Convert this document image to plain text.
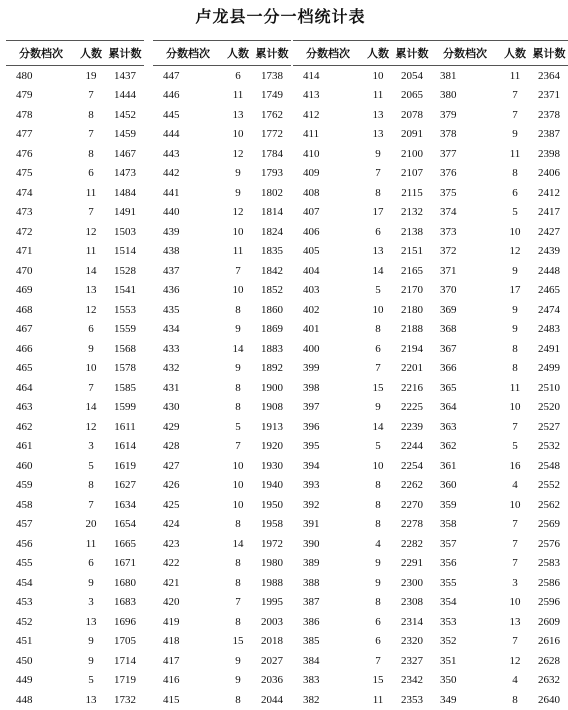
卢龙县一分一档统计表
分数档次	人数	累计数
480	19	1437
479	7	1444
478	8	1452
477	7	1459
476	8	1467
475	6	1473
474	11	1484
473	7	1491
472	12	1503
471	11	1514
470	14	1528
469	13	1541
468	12	1553
467	6	1559
466	9	1568
465	10	1578
464	7	1585
463	14	1599
462	12	1611
461	3	1614
460	5	1619
459	8	1627
458	7	1634
457	20	1654
456	11	1665
455	6	1671
454	9	1680
453	3	1683
452	13	1696
451	9	1705
450	9	1714
449	5	1719
448	13	1732
分数档次	人数	累计数
447	6	1738
446	11	1749
445	13	1762
444	10	1772
443	12	1784
442	9	1793
441	9	1802
440	12	1814
439	10	1824
438	11	1835
437	7	1842
436	10	1852
435	8	1860
434	9	1869
433	14	1883
432	9	1892
431	8	1900
430	8	1908
429	5	1913
428	7	1920
427	10	1930
426	10	1940
425	10	1950
424	8	1958
423	14	1972
422	8	1980
421	8	1988
420	7	1995
419	8	2003
418	15	2018
417	9	2027
416	9	2036
415	8	2044
分数档次	人数	累计数
414	10	2054
413	11	2065
412	13	2078
411	13	2091
410	9	2100
409	7	2107
408	8	2115
407	17	2132
406	6	2138
405	13	2151
404	14	2165
403	5	2170
402	10	2180
401	8	2188
400	6	2194
399	7	2201
398	15	2216
397	9	2225
396	14	2239
395	5	2244
394	10	2254
393	8	2262
392	8	2270
391	8	2278
390	4	2282
389	9	2291
388	9	2300
387	8	2308
386	6	2314
385	6	2320
384	7	2327
383	15	2342
382	11	2353
分数档次	人数	累计数
381	11	2364
380	7	2371
379	7	2378
378	9	2387
377	11	2398
376	8	2406
375	6	2412
374	5	2417
373	10	2427
372	12	2439
371	9	2448
370	17	2465
369	9	2474
368	9	2483
367	8	2491
366	8	2499
365	11	2510
364	10	2520
363	7	2527
362	5	2532
361	16	2548
360	4	2552
359	10	2562
358	7	2569
357	7	2576
356	7	2583
355	3	2586
354	10	2596
353	13	2609
352	7	2616
351	12	2628
350	4	2632
349	8	2640
